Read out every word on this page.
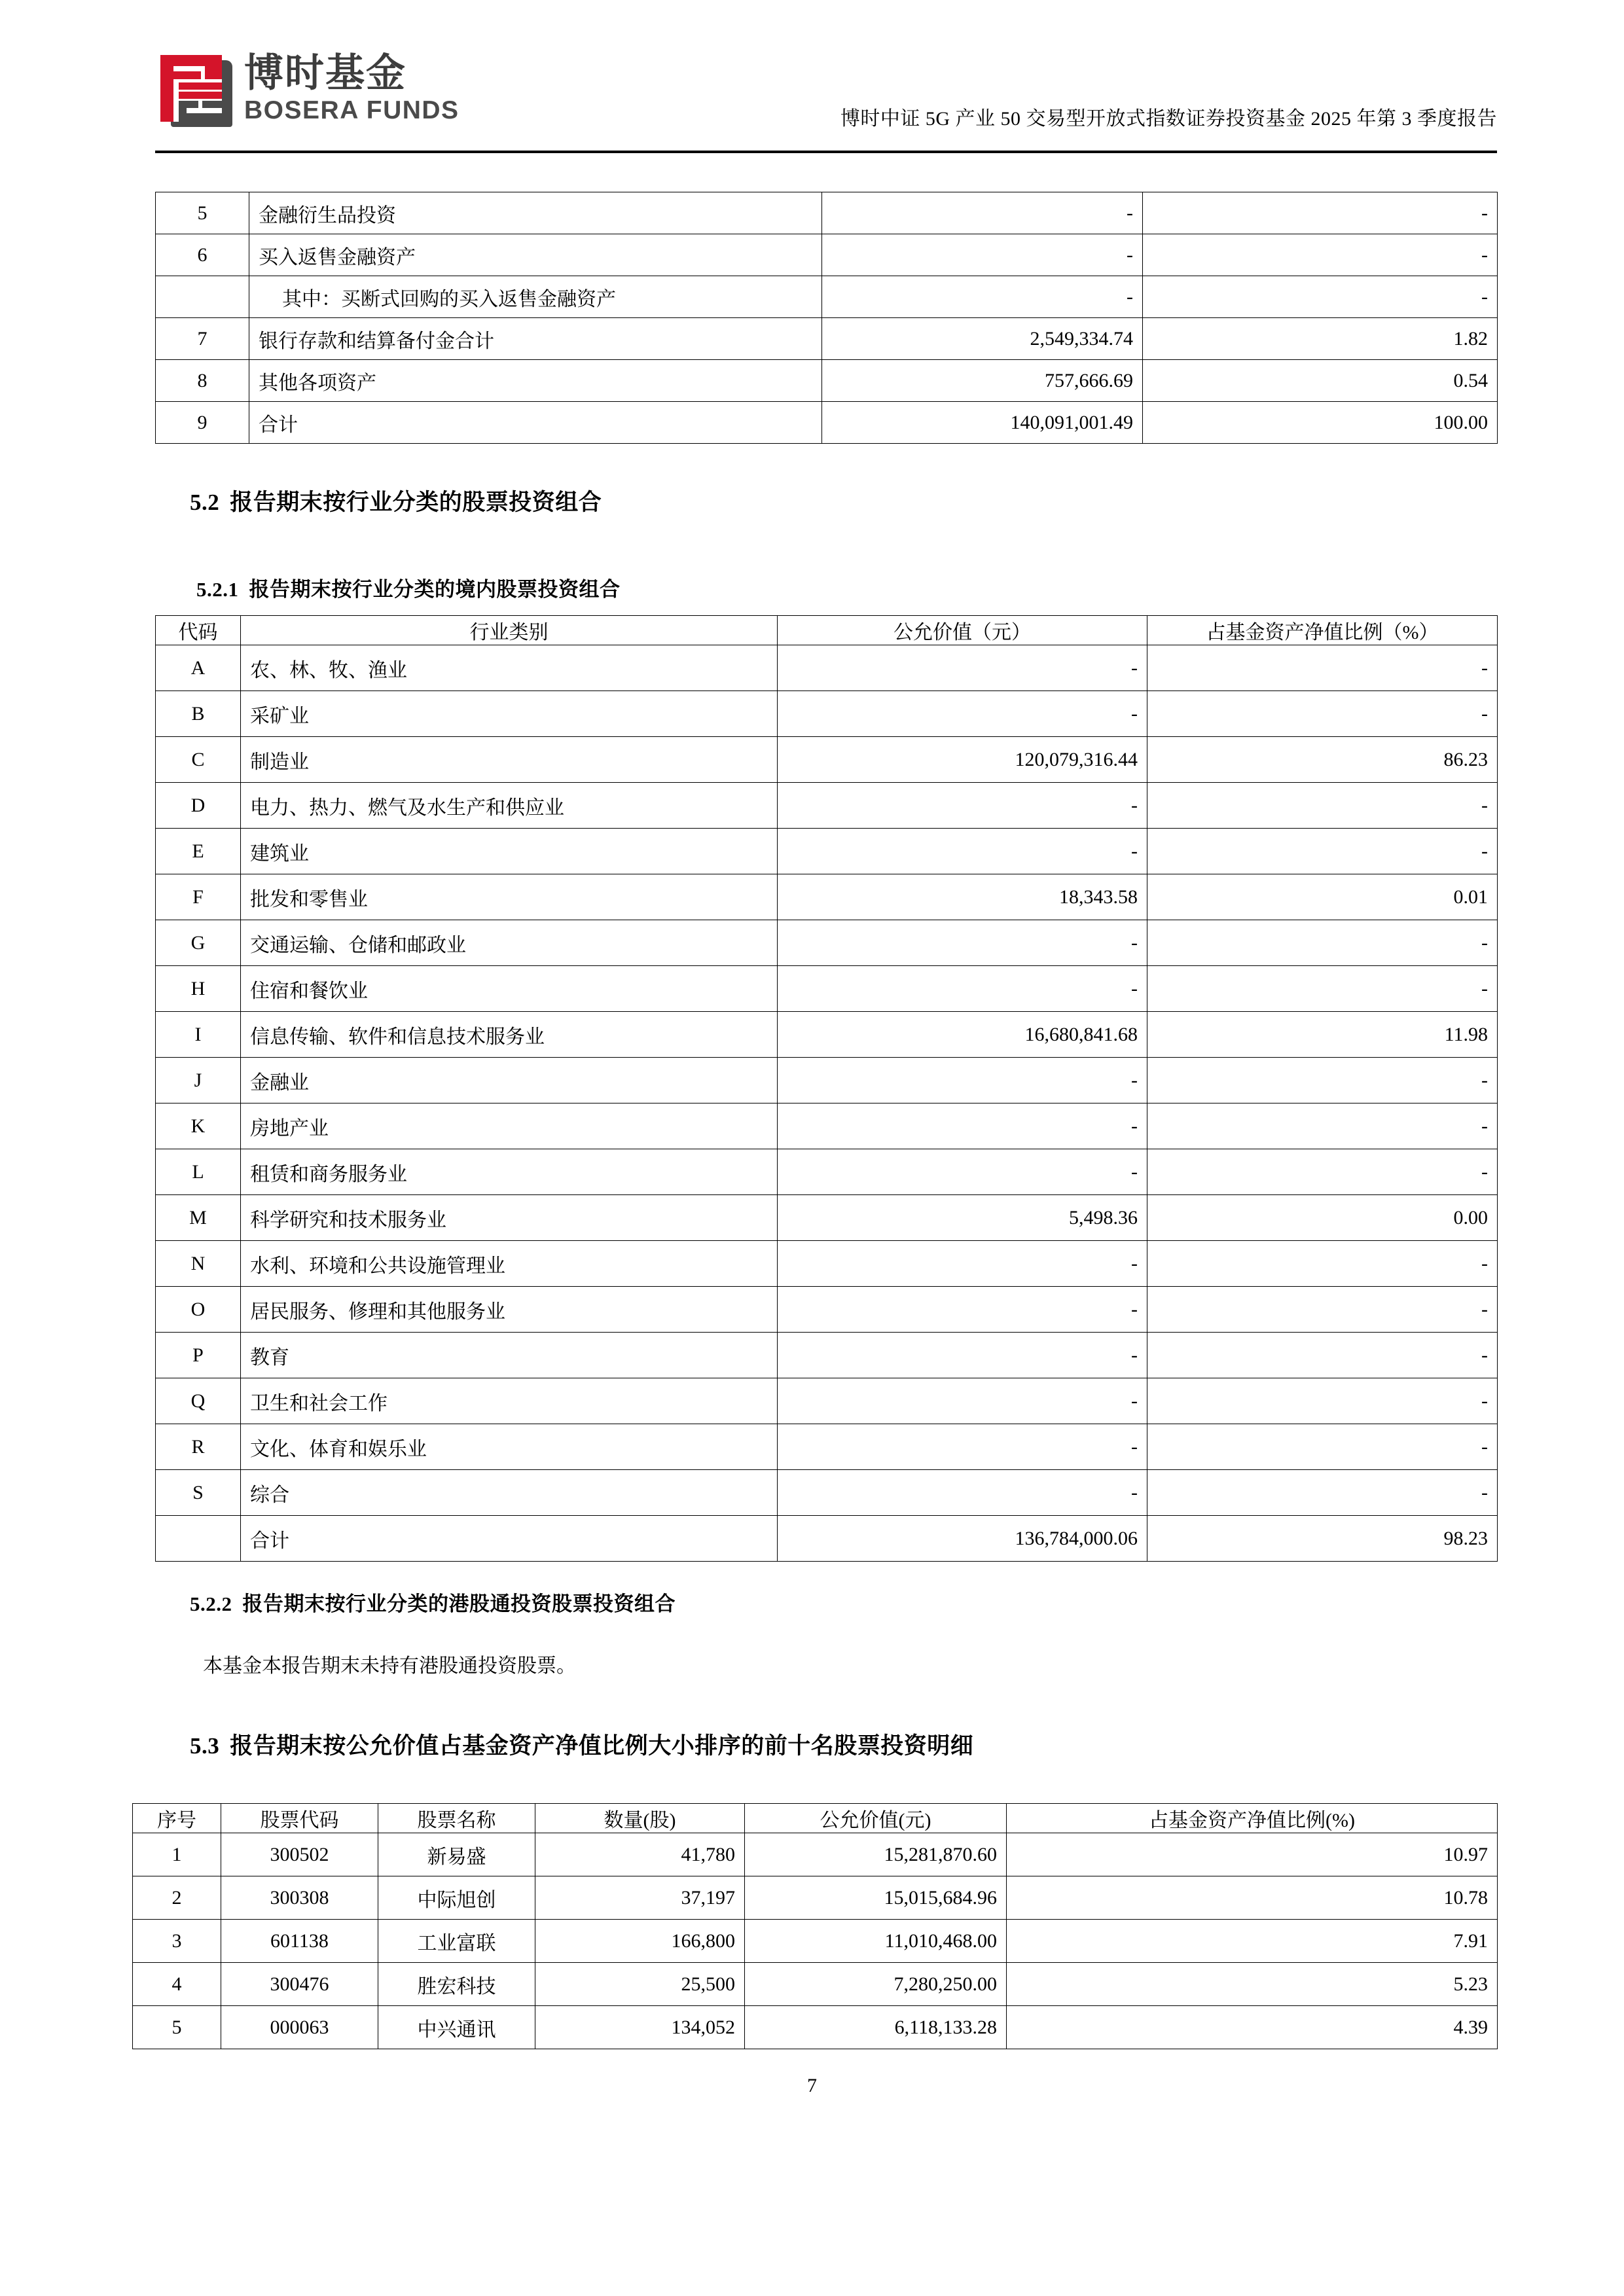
博时基金
BOSERA FUNDS	博时中证 5G 产业 50 交易型开放式指数证券投资基金 2025 年第 3 季度报告
5	金融衍生品投资	-	-
6	买入返售金融资产	-	-
	其中：买断式回购的买入返售金融资产	-	-
7	银行存款和结算备付金合计	2,549,334.74	1.82
8	其他各项资产	757,666.69	0.54
9	合计	140,091,001.49	100.00
5.2 报告期末按行业分类的股票投资组合
5.2.1 报告期末按行业分类的境内股票投资组合
代码	行业类别	公允价值（元）	占基金资产净值比例（%）
A	农、林、牧、渔业	-	-
B	采矿业	-	-
C	制造业	120,079,316.44	86.23
D	电力、热力、燃气及水生产和供应业	-	-
E	建筑业	-	-
F	批发和零售业	18,343.58	0.01
G	交通运输、仓储和邮政业	-	-
H	住宿和餐饮业	-	-
I	信息传输、软件和信息技术服务业	16,680,841.68	11.98
J	金融业	-	-
K	房地产业	-	-
L	租赁和商务服务业	-	-
M	科学研究和技术服务业	5,498.36	0.00
N	水利、环境和公共设施管理业	-	-
O	居民服务、修理和其他服务业	-	-
P	教育	-	-
Q	卫生和社会工作	-	-
R	文化、体育和娱乐业	-	-
S	综合	-	-
	合计	136,784,000.06	98.23
5.2.2 报告期末按行业分类的港股通投资股票投资组合
本基金本报告期末未持有港股通投资股票。
5.3 报告期末按公允价值占基金资产净值比例大小排序的前十名股票投资明细
序号	股票代码	股票名称	数量(股)	公允价值(元)	占基金资产净值比例(%)
1	300502	新易盛	41,780	15,281,870.60	10.97
2	300308	中际旭创	37,197	15,015,684.96	10.78
3	601138	工业富联	166,800	11,010,468.00	7.91
4	300476	胜宏科技	25,500	7,280,250.00	5.23
5	000063	中兴通讯	134,052	6,118,133.28	4.39
7
